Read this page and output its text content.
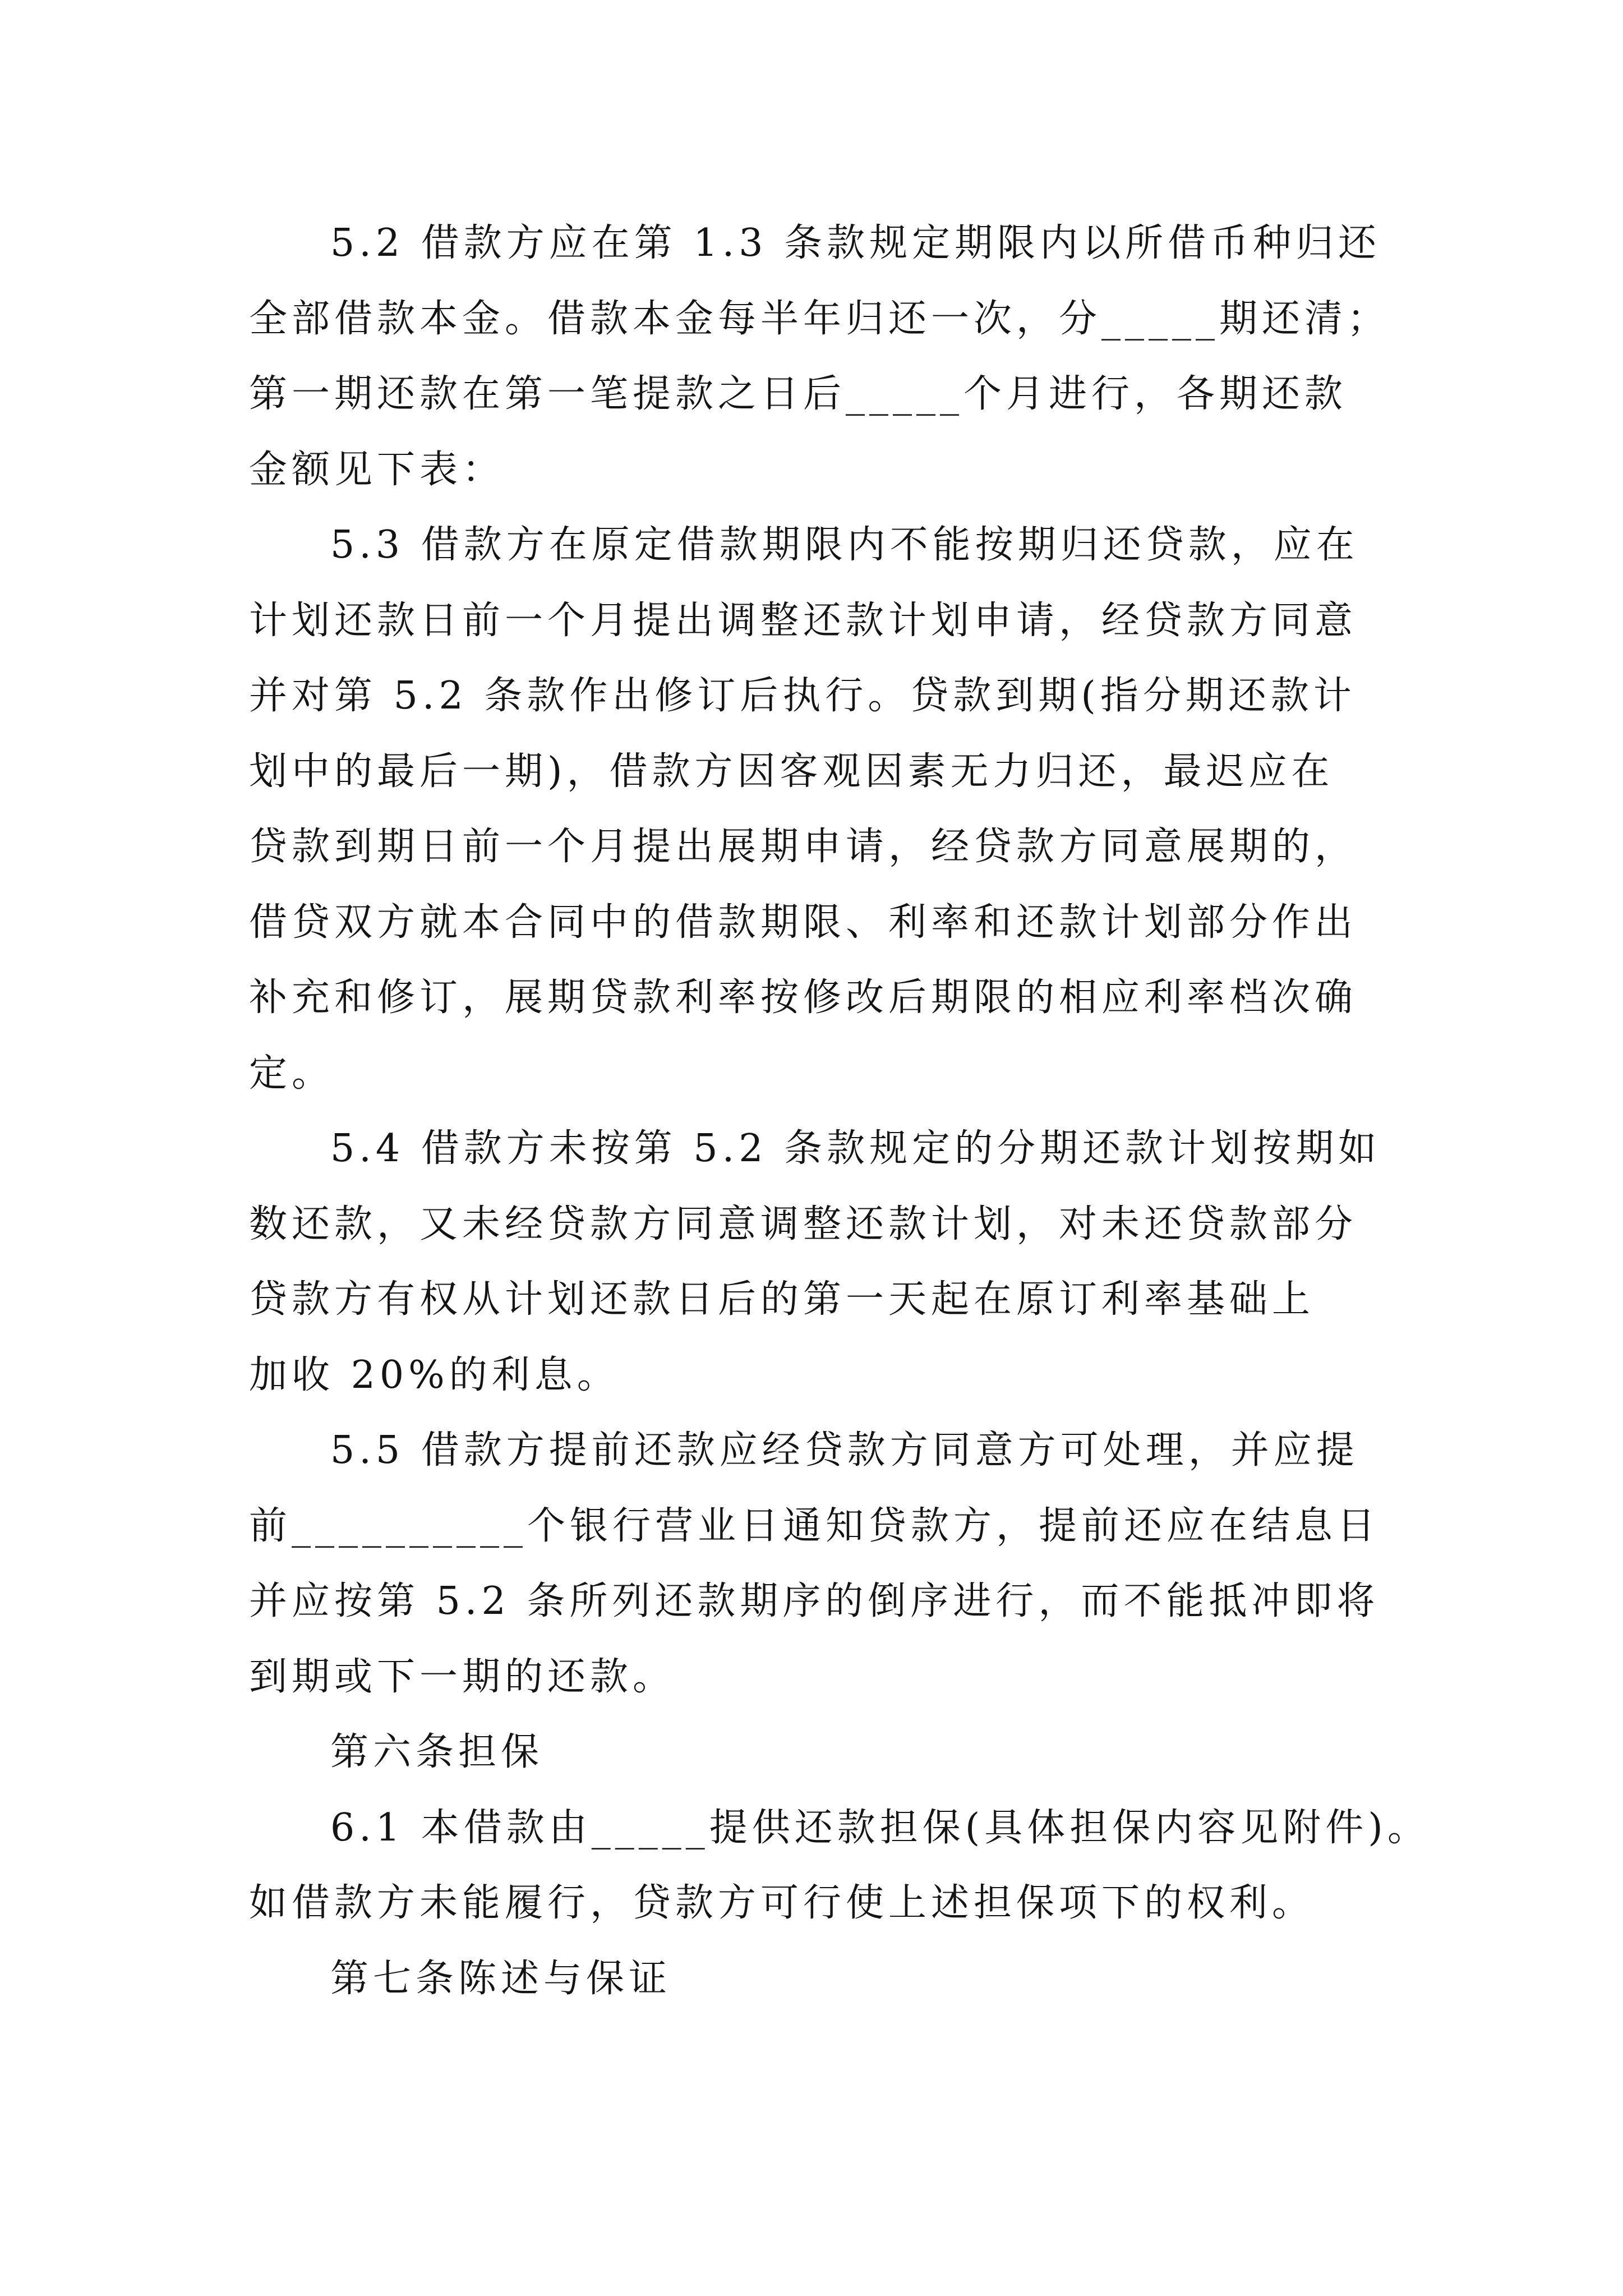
5.2 借款方应在第 1.3 条款规定期限内以所借币种归还
全部借款本金。借款本金每半年归还一次，分_____期还清；
第一期还款在第一笔提款之日后_____个月进行，各期还款
金额见下表：
5.3 借款方在原定借款期限内不能按期归还贷款，应在
计划还款日前一个月提出调整还款计划申请，经贷款方同意
并对第 5.2 条款作出修订后执行。贷款到期(指分期还款计
划中的最后一期)，借款方因客观因素无力归还，最迟应在
贷款到期日前一个月提出展期申请，经贷款方同意展期的，
借贷双方就本合同中的借款期限、利率和还款计划部分作出
补充和修订，展期贷款利率按修改后期限的相应利率档次确
定。
5.4 借款方未按第 5.2 条款规定的分期还款计划按期如
数还款，又未经贷款方同意调整还款计划，对未还贷款部分
贷款方有权从计划还款日后的第一天起在原订利率基础上
加收 20%的利息。
5.5 借款方提前还款应经贷款方同意方可处理，并应提
前__________个银行营业日通知贷款方，提前还应在结息日
并应按第 5.2 条所列还款期序的倒序进行，而不能抵冲即将
到期或下一期的还款。
第六条担保
6.1 本借款由_____提供还款担保(具体担保内容见附件)。
如借款方未能履行，贷款方可行使上述担保项下的权利。
第七条陈述与保证
